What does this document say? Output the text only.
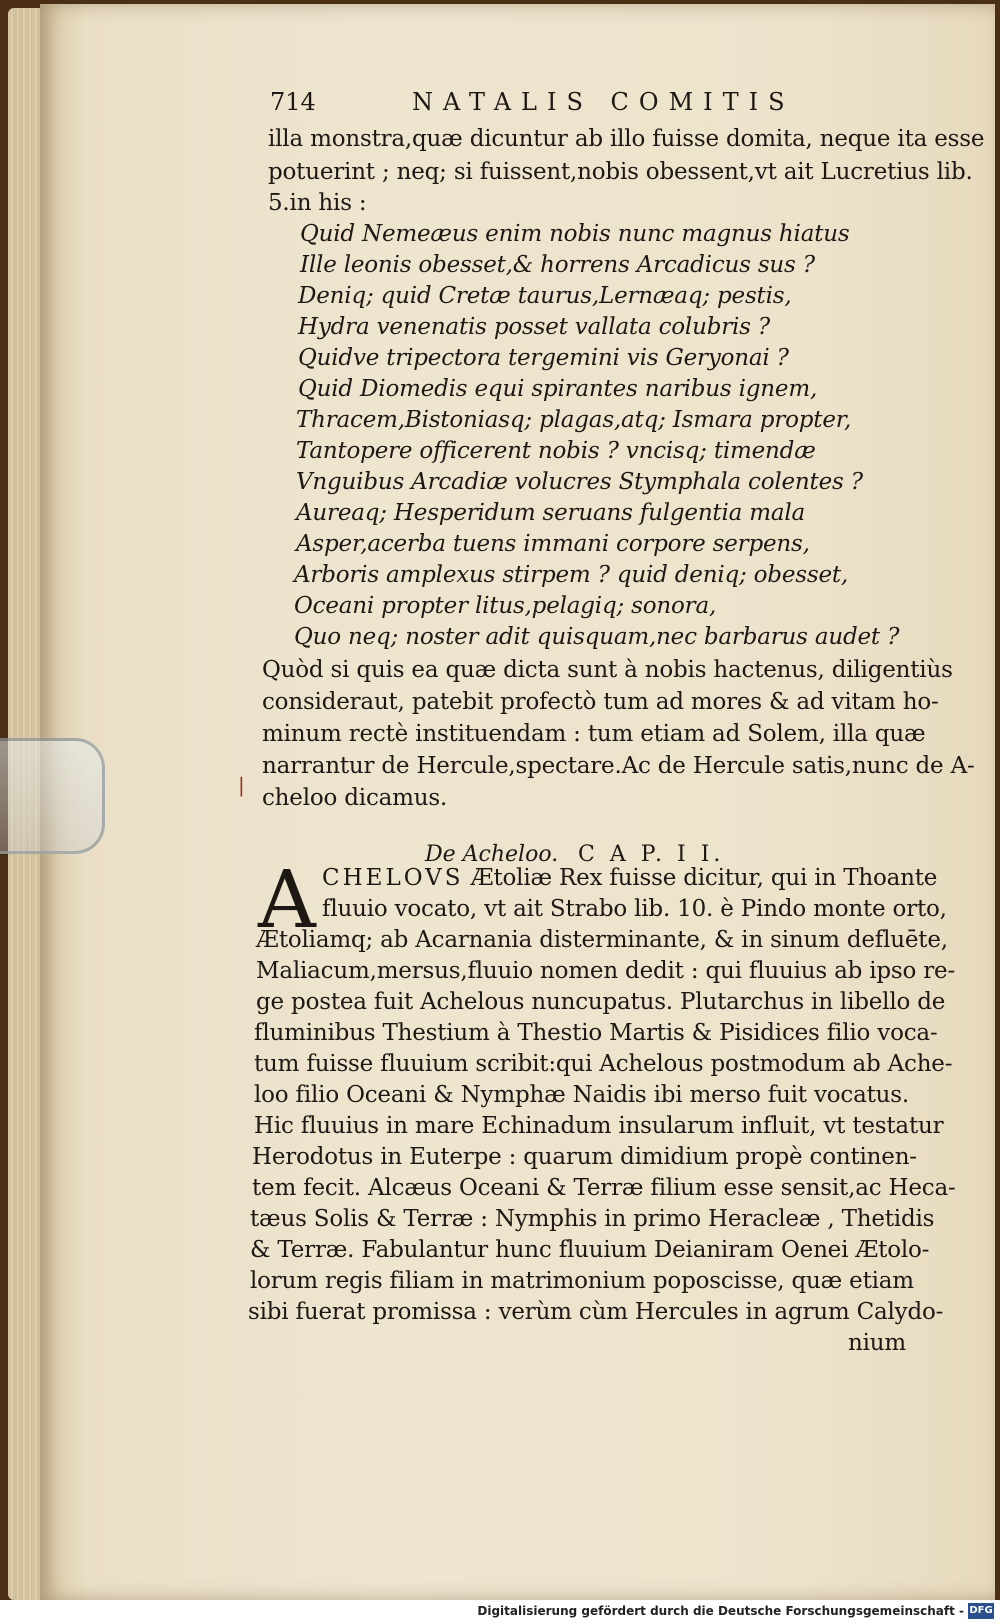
714	NATALIS COMITIS
illa monstra,quæ dicuntur ab illo fuisse domita, neque ita esse
potuerint ; neq; si fuissent,nobis obessent,vt ait Lucretius lib.
5.in his :
Quid Nemeæus enim nobis nunc magnus hiatus
Ille leonis obesset,& horrens Arcadicus sus ?
Deniq; quid Cretæ taurus,Lernæaq; pestis,
Hydra venenatis posset vallata colubris ?
Quidve tripectora tergemini vis Geryonai ?
Quid Diomedis equi spirantes naribus ignem,
Thracem,Bistoniasq; plagas,atq; Ismara propter,
Tantopere officerent nobis ? vncisq; timendæ
Vnguibus Arcadiæ volucres Stymphala colentes ?
Aureaq; Hesperidum seruans fulgentia mala
Asper,acerba tuens immani corpore serpens,
Arboris amplexus stirpem ? quid deniq; obesset,
Oceani propter litus,pelagiq; sonora,
Quo neq; noster adit quisquam,nec barbarus audet ?
Quòd si quis ea quæ dicta sunt à nobis hactenus, diligentiùs
consideraut, patebit profectò tum ad mores & ad vitam ho-
minum rectè instituendam : tum etiam ad Solem, illa quæ
narrantur de Hercule,spectare.Ac de Hercule satis,nunc de A-
cheloo dicamus.
|
De Acheloo. C A P. I I.
A CHELOVS Ætoliæ Rex fuisse dicitur, qui in Thoante
fluuio vocato, vt ait Strabo lib. 10. è Pindo monte orto,
Ætoliamq; ab Acarnania disterminante, & in sinum defluēte,
Maliacum,mersus,fluuio nomen dedit : qui fluuius ab ipso re-
ge postea fuit Achelous nuncupatus. Plutarchus in libello de
fluminibus Thestium à Thestio Martis & Pisidices filio voca-
tum fuisse fluuium scribit:qui Achelous postmodum ab Ache-
loo filio Oceani & Nymphæ Naidis ibi merso fuit vocatus.
Hic fluuius in mare Echinadum insularum influit, vt testatur
Herodotus in Euterpe : quarum dimidium propè continen-
tem fecit. Alcæus Oceani & Terræ filium esse sensit,ac Heca-
tæus Solis & Terræ : Nymphis in primo Heracleæ , Thetidis
& Terræ. Fabulantur hunc fluuium Deianiram Oenei Ætolo-
lorum regis filiam in matrimonium poposcisse, quæ etiam
sibi fuerat promissa : verùm cùm Hercules in agrum Calydo-
nium
Digitalisierung gefördert durch die Deutsche Forschungsgemeinschaft - DFG
